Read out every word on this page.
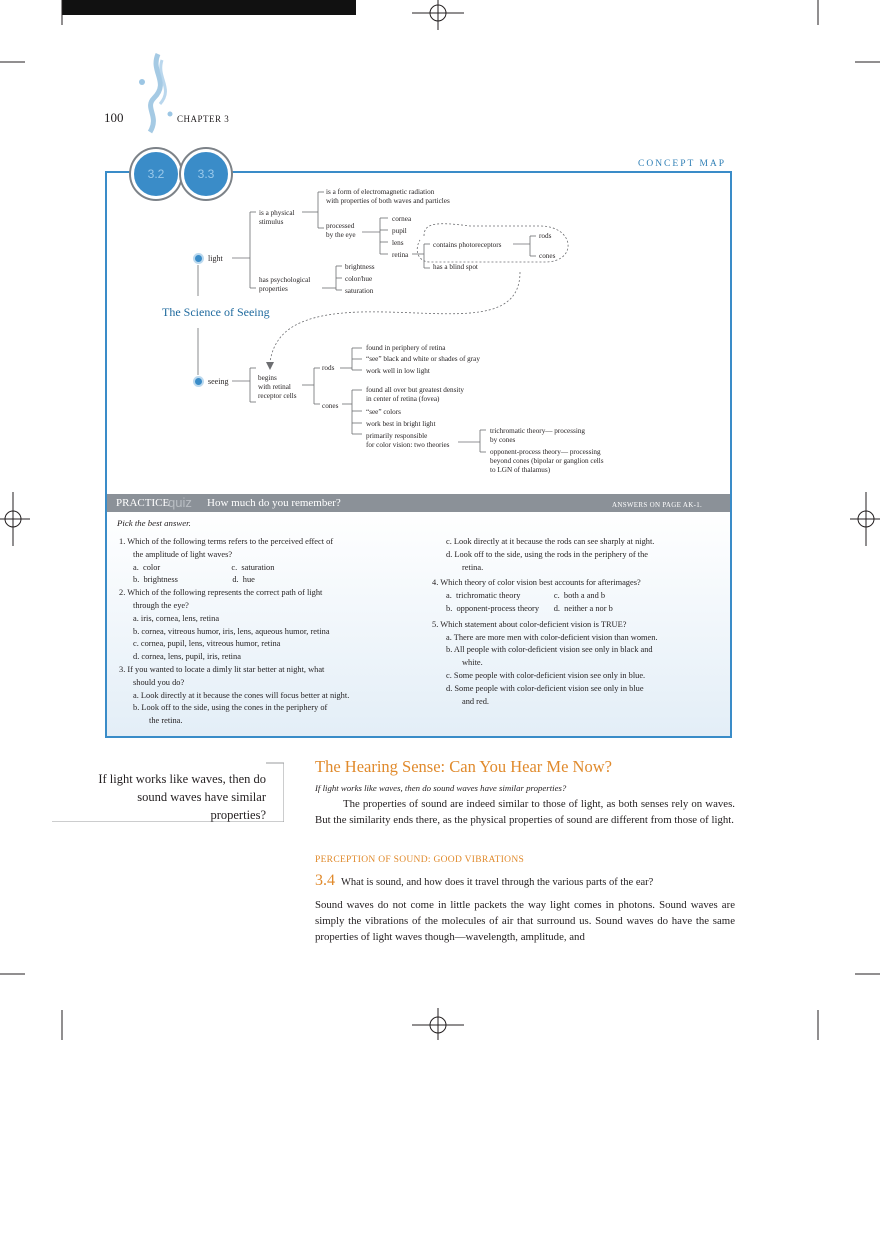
100	CHAPTER 3
CONCEPT MAP
3.2	3.3
light
is a physical
stimulus
is a form of electromagnetic radiation
with properties of both waves and particles
processed
by the eye
cornea
pupil
lens
retina
contains photoreceptors
rods
cones
has a blind spot
has psychological
properties
brightness
color/hue
saturation
The Science of Seeing
seeing	begins
with retinal
receptor cells
rods
cones
found in periphery of retina
“see” black and white or shades of gray
work well in low light
found all over but greatest density
in center of retina (fovea)
“see” colors
work best in bright light
primarily responsible
for color vision: two theories
trichromatic theory— processing
by cones
opponent-process theory— processing
beyond cones (bipolar or ganglion cells
to LGN of thalamus)
PRACTICE
quiz How much do you remember?	ANSWERS ON PAGE AK-1.
Pick the best answer.
1. Which of the following terms refers to the perceived effect of
the amplitude of light waves?
a.  color                                  c.  saturation
b.  brightness                          d.  hue
2. Which of the following represents the correct path of light
through the eye?
a. iris, cornea, lens, retina
b. cornea, vitreous humor, iris, lens, aqueous humor, retina
c. cornea, pupil, lens, vitreous humor, retina
d. cornea, lens, pupil, iris, retina
3. If you wanted to locate a dimly lit star better at night, what
should you do?
a. Look directly at it because the cones will focus better at night.
b. Look off to the side, using the cones in the periphery of
the retina.
c. Look directly at it because the rods can see sharply at night.
d. Look off to the side, using the rods in the periphery of the
retina.
4. Which theory of color vision best accounts for afterimages?
a.  trichromatic theory                c.  both a and b
b.  opponent-process theory       d.  neither a nor b
5. Which statement about color-deficient vision is TRUE?
a. There are more men with color-deficient vision than women.
b. All people with color-deficient vision see only in black and
white.
c. Some people with color-deficient vision see only in blue.
d. Some people with color-deficient vision see only in blue
and red.
If light works like waves, then do sound waves have similar properties?
The Hearing Sense: Can You Hear Me Now?
If light works like waves, then do sound waves have similar properties?
The properties of sound are indeed similar to those of light, as both senses rely on waves. But the similarity ends there, as the physical properties of sound are different from those of light.
PERCEPTION OF SOUND: GOOD VIBRATIONS
3.4 What is sound, and how does it travel through the various parts of the ear?
Sound waves do not come in little packets the way light comes in photons. Sound waves are simply the vibrations of the molecules of air that surround us. Sound waves do have the same properties of light waves though—wavelength, amplitude, and
